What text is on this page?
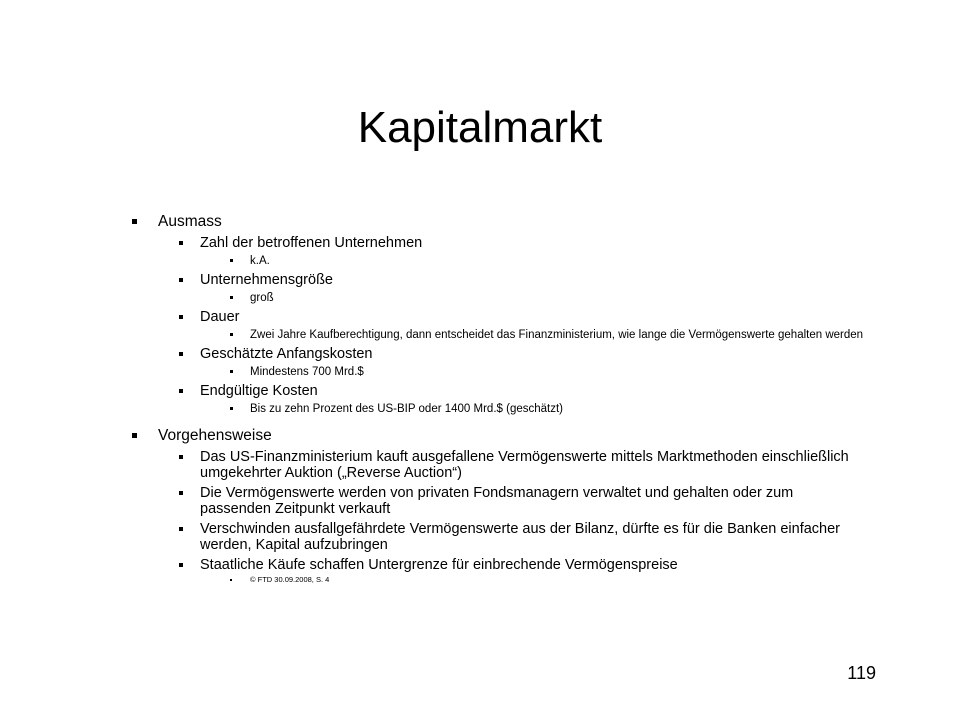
Kapitalmarkt
Ausmass
Zahl der betroffenen Unternehmen
k.A.
Unternehmensgröße
groß
Dauer
Zwei Jahre Kaufberechtigung, dann entscheidet das Finanzministerium, wie lange die Vermögenswerte gehalten werden
Geschätzte Anfangskosten
Mindestens 700 Mrd.$
Endgültige Kosten
Bis zu zehn Prozent des US-BIP oder 1400 Mrd.$ (geschätzt)
Vorgehensweise
Das US-Finanzministerium kauft ausgefallene Vermögenswerte mittels Marktmethoden einschließlich umgekehrter Auktion („Reverse Auction“)
Die Vermögenswerte werden von privaten Fondsmanagern verwaltet und gehalten oder zum passenden Zeitpunkt verkauft
Verschwinden ausfallgefährdete Vermögenswerte aus der Bilanz, dürfte es für die Banken einfacher werden, Kapital aufzubringen
Staatliche Käufe schaffen Untergrenze für einbrechende Vermögenspreise
© FTD 30.09.2008, S. 4
119
